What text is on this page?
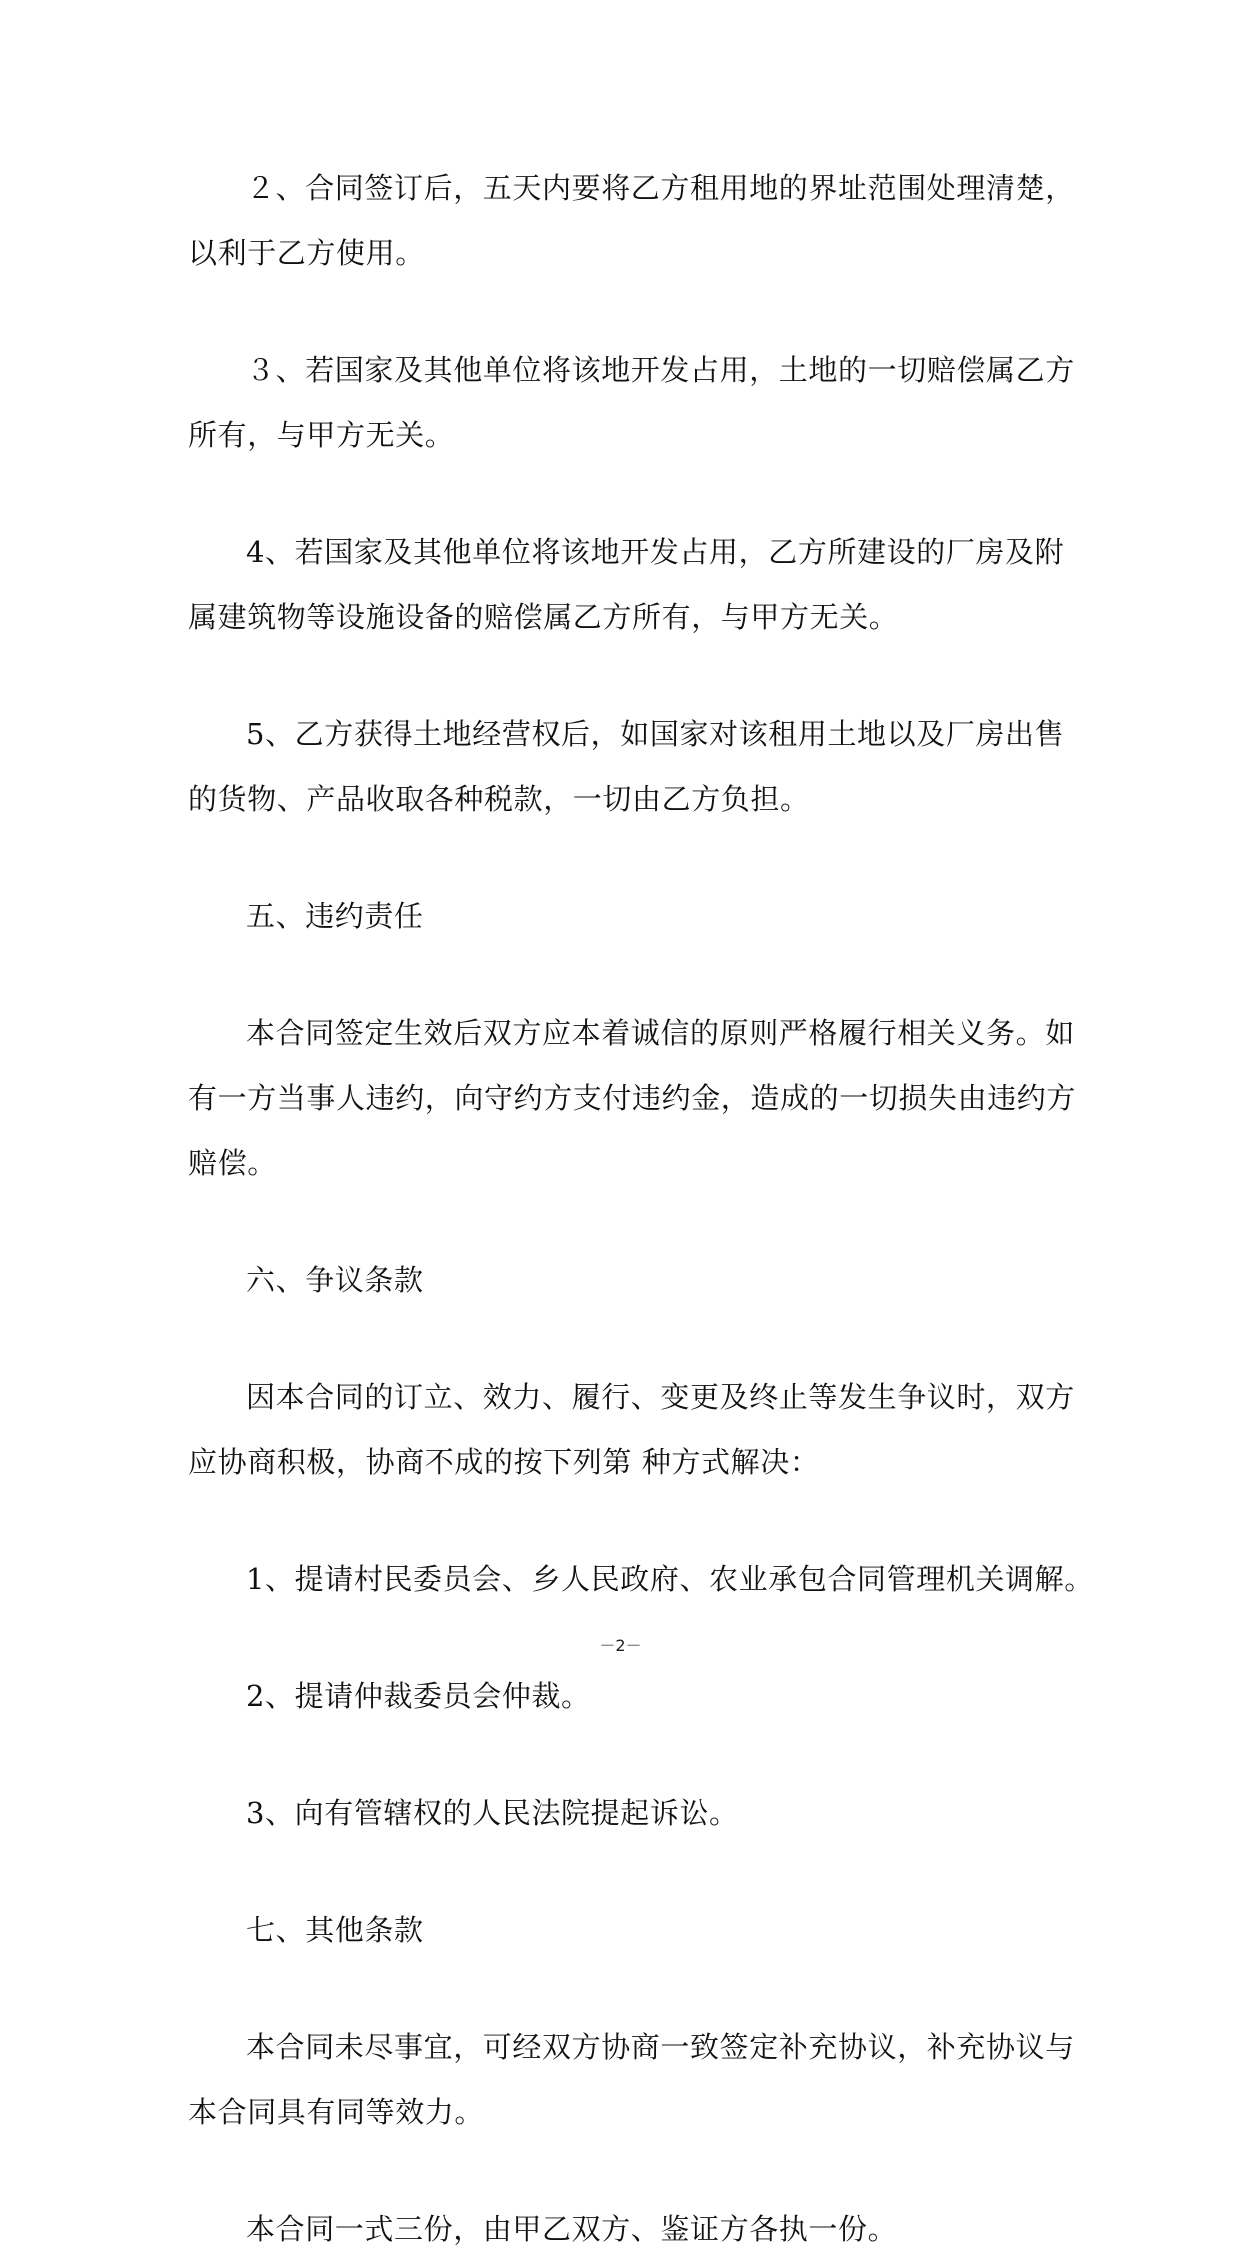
２、合同签订后，五天内要将乙方租用地的界址范围处理清楚，
以利于乙方使用。
３、若国家及其他单位将该地开发占用，土地的一切赔偿属乙方
所有，与甲方无关。
4、若国家及其他单位将该地开发占用，乙方所建设的厂房及附
属建筑物等设施设备的赔偿属乙方所有，与甲方无关。
5、乙方获得土地经营权后，如国家对该租用土地以及厂房出售
的货物、产品收取各种税款，一切由乙方负担。
五、违约责任
本合同签定生效后双方应本着诚信的原则严格履行相关义务。如
有一方当事人违约，向守约方支付违约金，造成的一切损失由违约方
赔偿。
六、争议条款
因本合同的订立、效力、履行、变更及终止等发生争议时，双方
应协商积极，协商不成的按下列第 种方式解决：
1、提请村民委员会、乡人民政府、农业承包合同管理机关调解。
2、提请仲裁委员会仲裁。
3、向有管辖权的人民法院提起诉讼。
七、其他条款
本合同未尽事宜，可经双方协商一致签定补充协议，补充协议与
本合同具有同等效力。
本合同一式三份，由甲乙双方、鉴证方各执一份。
－2－
